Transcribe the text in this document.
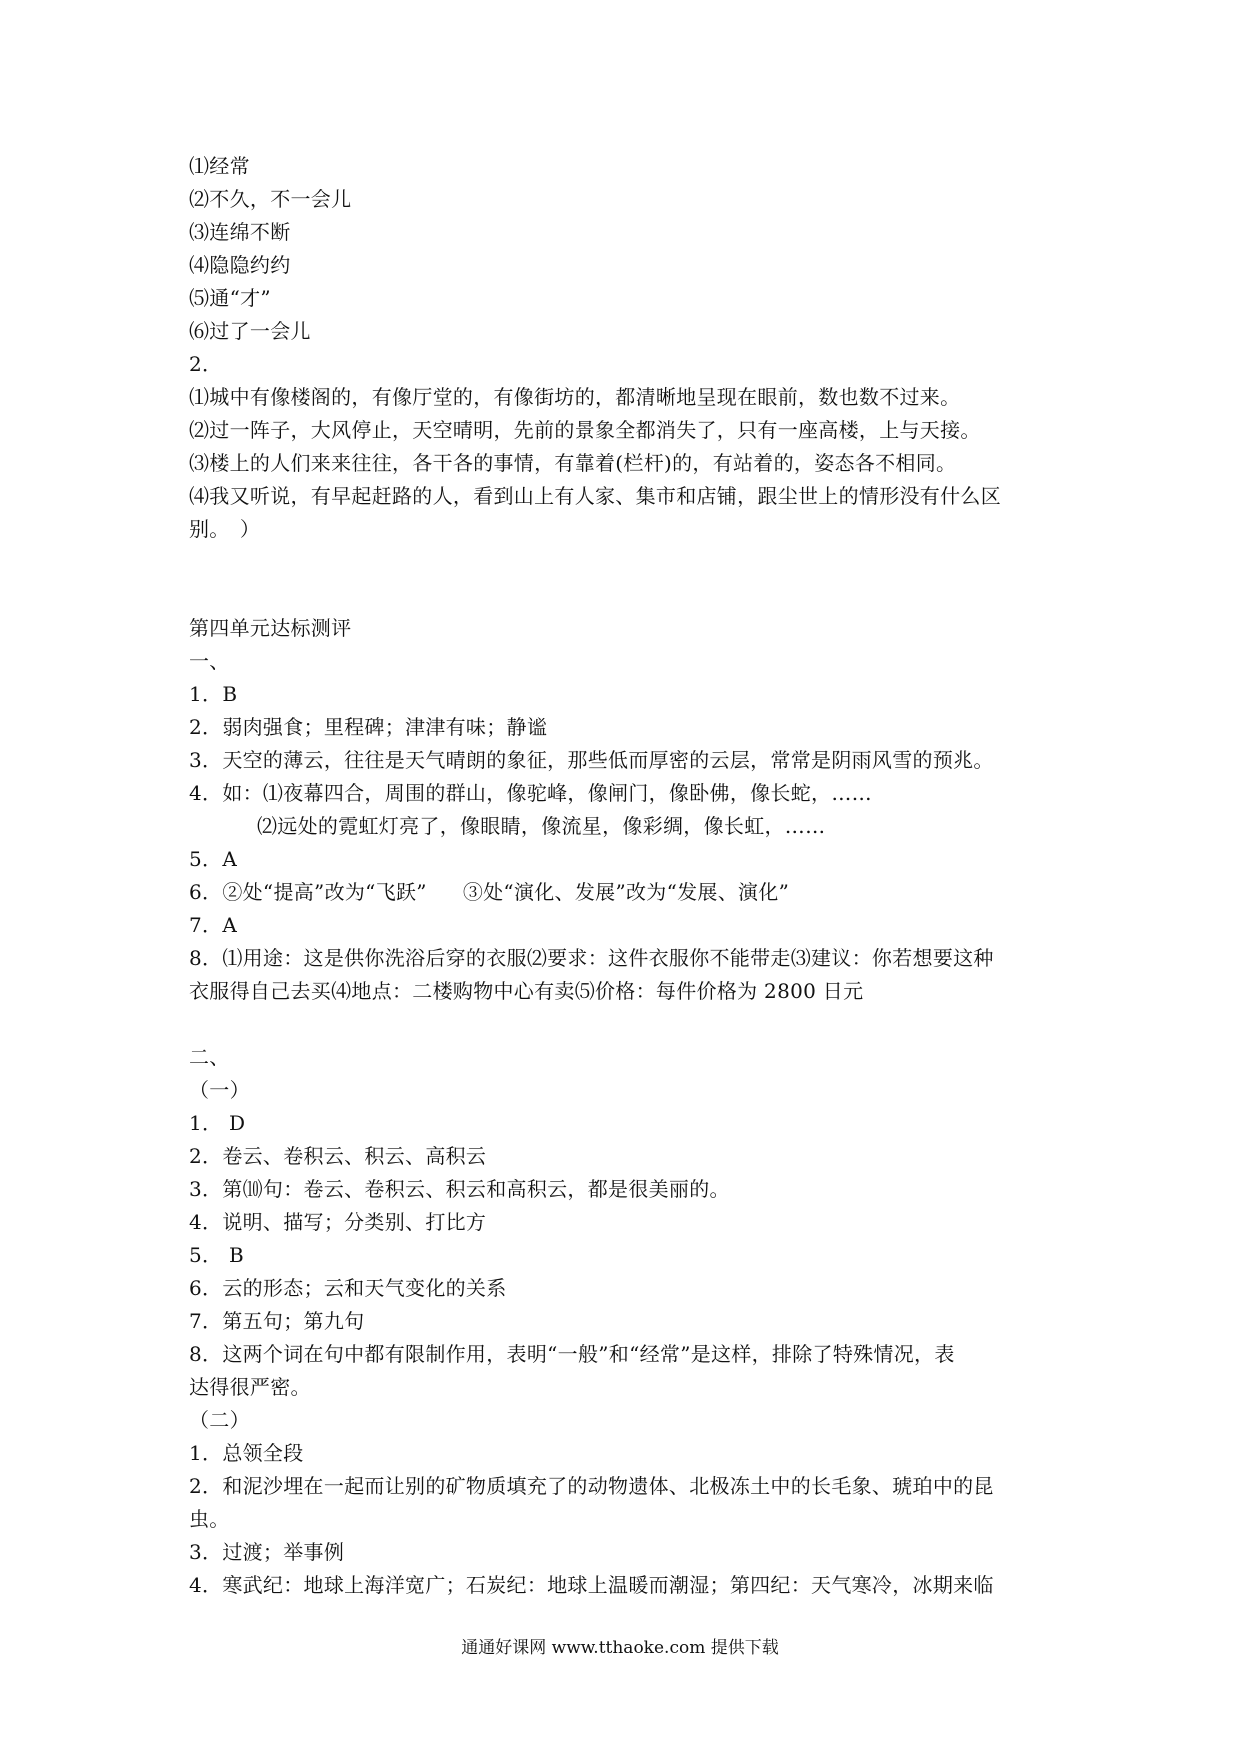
⑴经常
⑵不久，不一会儿
⑶连绵不断
⑷隐隐约约
⑸通“才”
⑹过了一会儿
2．
⑴城中有像楼阁的，有像厅堂的，有像街坊的，都清晰地呈现在眼前，数也数不过来。
⑵过一阵子，大风停止，天空晴明，先前的景象全都消失了，只有一座高楼，上与天接。
⑶楼上的人们来来往往，各干各的事情，有靠着(栏杆)的，有站着的，姿态各不相同。
⑷我又听说，有早起赶路的人，看到山上有人家、集市和店铺，跟尘世上的情形没有什么区
别。　）
第四单元达标测评
一、
1．B
2．弱肉强食；里程碑；津津有味；静谧
3．天空的薄云，往往是天气晴朗的象征，那些低而厚密的云层，常常是阴雨风雪的预兆。
4．如：⑴夜幕四合，周围的群山，像驼峰，像闸门，像卧佛，像长蛇，……
⑵远处的霓虹灯亮了，像眼睛，像流星，像彩绸，像长虹，……
5．A
6．②处“提高”改为“飞跃” ③处“演化、发展”改为“发展、演化”
7．A
8．⑴用途：这是供你洗浴后穿的衣服⑵要求：这件衣服你不能带走⑶建议：你若想要这种
衣服得自己去买⑷地点：二楼购物中心有卖⑸价格：每件价格为 2800 日元
二、
（一）
1． D
2．卷云、卷积云、积云、高积云
3．第⑽句：卷云、卷积云、积云和高积云，都是很美丽的。
4．说明、描写；分类别、打比方
5． B
6．云的形态；云和天气变化的关系
7．第五句；第九句
8．这两个词在句中都有限制作用，表明“一般”和“经常”是这样，排除了特殊情况，表
达得很严密。
（二）
1．总领全段
2．和泥沙埋在一起而让别的矿物质填充了的动物遗体、北极冻土中的长毛象、琥珀中的昆
虫。
3．过渡；举事例
4．寒武纪：地球上海洋宽广；石炭纪：地球上温暖而潮湿；第四纪：天气寒冷，冰期来临
通通好课网 www.tthaoke.com 提供下载
